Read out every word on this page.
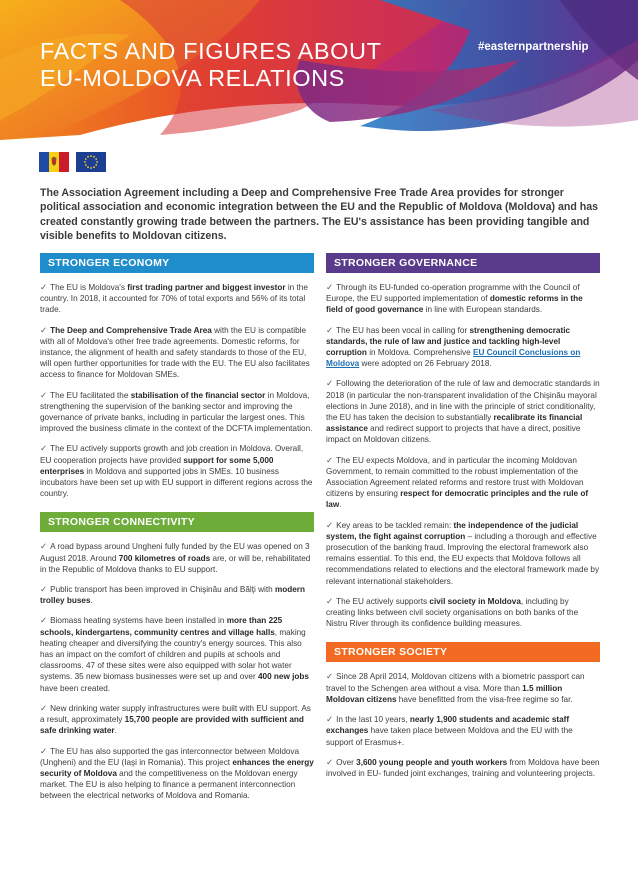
FACTS AND FIGURES ABOUT
EU-MOLDOVA RELATIONS
#easternpartnership

The Association Agreement including a Deep and Comprehensive Free Trade Area provides for stronger political association and economic integration between the EU and the Republic of Moldova (Moldova) and has created constantly growing trade between the partners. The EU's assistance has been providing tangible and visible benefits to Moldovan citizens.

STRONGER ECONOMY

✓ The EU is Moldova's first trading partner and biggest investor in the country. In 2018, it accounted for 70% of total exports and 56% of its total trade.

✓ The Deep and Comprehensive Trade Area with the EU is compatible with all of Moldova's other free trade agreements. Domestic reforms, for instance, the alignment of health and safety standards to those of the EU, will open further opportunities for trade with the EU. The EU also facilitates access to finance for Moldovan SMEs.

✓ The EU facilitated the stabilisation of the financial sector in Moldova, strengthening the supervision of the banking sector and improving the governance of private banks, including in particular the largest ones. This improved the business climate in the context of the DCFTA implementation.

✓ The EU actively supports growth and job creation in Moldova. Overall, EU cooperation projects have provided support for some 5,000 enterprises in Moldova and supported jobs in SMEs. 10 business incubators have been set up with EU support in different regions across the country.

STRONGER CONNECTIVITY

✓ A road bypass around Ungheni fully funded by the EU was opened on 3 August 2018. Around 700 kilometres of roads are, or will be, rehabilitated in the Republic of Moldova thanks to EU support.

✓ Public transport has been improved in Chişinău and Bălţi with modern trolley buses.

✓ Biomass heating systems have been installed in more than 225 schools, kindergartens, community centres and village halls, making heating cheaper and diversifying the country's energy sources. This also has an impact on the comfort of children and pupils at schools and classrooms. 47 of these sites were also equipped with solar hot water systems. 35 new biomass businesses were set up and over 400 new jobs have been created.

✓ New drinking water supply infrastructures were built with EU support. As a result, approximately 15,700 people are provided with sufficient and safe drinking water.

✓ The EU has also supported the gas interconnector between Moldova (Ungheni) and the EU (Iaşi in Romania). This project enhances the energy security of Moldova and the competitiveness on the Moldovan energy market. The EU is also helping to finance a permanent interconnection between the electrical networks of Moldova and Romania.

STRONGER GOVERNANCE

✓ Through its EU-funded co-operation programme with the Council of Europe, the EU supported implementation of domestic reforms in the field of good governance in line with European standards.

✓ The EU has been vocal in calling for strengthening democratic standards, the rule of law and justice and tackling high-level corruption in Moldova. Comprehensive EU Council Conclusions on Moldova were adopted on 26 February 2018.

✓ Following the deterioration of the rule of law and democratic standards in 2018 (in particular the non-transparent invalidation of the Chişinău mayoral elections in June 2018), and in line with the principle of strict conditionality, the EU has taken the decision to substantially recalibrate its financial assistance and redirect support to projects that have a direct, positive impact on Moldovan citizens.

✓ The EU expects Moldova, and in particular the incoming Moldovan Government, to remain committed to the robust implementation of the Association Agreement related reforms and restore trust with Moldovan citizens by ensuring respect for democratic principles and the rule of law.

✓ Key areas to be tackled remain: the independence of the judicial system, the fight against corruption – including a thorough and effective prosecution of the banking fraud. Improving the electoral framework also remains essential. To this end, the EU expects that Moldova follows all recommendations related to elections and the electoral framework made by relevant international stakeholders.

✓ The EU actively supports civil society in Moldova, including by creating links between civil society organisations on both banks of the Nistru River through its confidence building measures.

STRONGER SOCIETY

✓ Since 28 April 2014, Moldovan citizens with a biometric passport can travel to the Schengen area without a visa. More than 1.5 million Moldovan citizens have benefitted from the visa-free regime so far.

✓ In the last 10 years, nearly 1,900 students and academic staff exchanges have taken place between Moldova and the EU with the support of Erasmus+.

✓ Over 3,600 young people and youth workers from Moldova have been involved in EU- funded joint exchanges, training and volunteering projects.
